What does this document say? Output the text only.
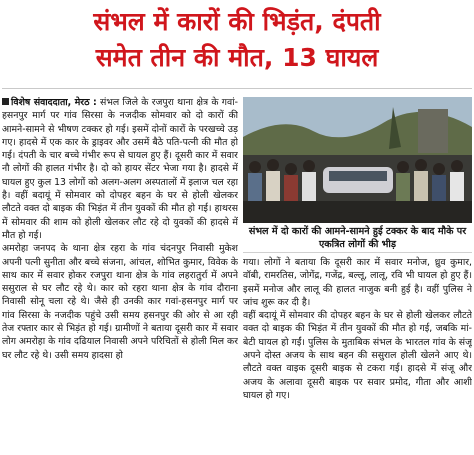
संभल में कारों की भिड़ंत, दंपती
समेत तीन की मौत, 13 घायल

विशेष संवाददाता, मेरठ : संभल जिले के रजपुरा थाना क्षेत्र के गवां-हसनपुर मार्ग पर गांव सिरसा के नजदीक सोमवार को दो कारों की आमने-सामने से भीषण टक्कर हो गई। इसमें दोनों कारों के परखच्चे उड़ गए। हादसे में एक कार के ड्राइवर और उसमें बैठे पति-पत्नी की मौत हो गई। दंपती के चार बच्चे गंभीर रूप से घायल हुए हैं। दूसरी कार में सवार नौ लोगों की हालत गंभीर है। दो को हायर सेंटर भेजा गया है। हादसे में घायल हुए कुल 13 लोगों को अलग-अलग अस्पतालों में इलाज चल रहा है। वहीं बदायूं में सोमवार को दोपहर बहन के घर से होली खेलकर लौटते वक्त दो बाइक की भिड़ंत में तीन युवकों की मौत हो गई। हाथरस में सोमवार की शाम को होली खेलकर लौट रहे दो युवकों की हादसे में मौत हो गई।

अमरोहा जनपद के थाना क्षेत्र रहरा के गांव चंदनपुर निवासी मुकेश अपनी पत्नी सुनीता और बच्चे संजना, आंचल, शोभित कुमार, विवेक के साथ कार में सवार होकर रजपुरा थाना क्षेत्र के गांव लहरातुर्रा में अपने ससुराल से घर लौट रहे थे। कार को रहरा थाना क्षेत्र के गांव दौराना निवासी सोनू चला रहे थे। जैसे ही उनकी कार गवां-हसनपुर मार्ग पर गांव सिरसा के नजदीक पहुंचे उसी समय हसनपुर की ओर से आ रही तेज रफ्तार कार से भिड़ंत हो गई। ग्रामीणों ने बताया दूसरी कार में सवार लोग अमरोहा के गांव दढियाल निवासी अपने परिचितों से होली मिल कर घर लौट रहे थे। उसी समय हादसा हो

संभल में दो कारों की आमने-सामने हुई टक्कर के बाद मौके पर एकत्रित लोगों की भीड़

गया। लोगों ने बताया कि दूसरी कार में सवार मनोज, ध्रुव कुमार, वॉबी, रामरतिस, जोगेंद्र, गजेंद्र, बल्लू, लालू, रवि भी घायल हो हुए हैं। इसमें मनोज और लालू की हालत नाजुक बनी हुई है। वहीं पुलिस ने जांच शुरू कर दी है।

वहीं बदायूं में सोमवार की दोपहर बहन के घर से होली खेलकर लौटते वक्त दो बाइक की भिड़ंत में तीन युवकों की मौत हो गई, जबकि मां-बेटी घायल हो गईं। पुलिस के मुताबिक संभल के भारतल गांव के संजू अपने दोस्त अजय के साथ बहन की ससुराल होली खेलने आए थे। लौटते वक्त वाइक दूसरी बाइक से टकरा गई। हादसे में संजू और अजय के अलावा दूसरी बाइक पर सवार प्रमोद, गीता और आशी घायल हो गए।
